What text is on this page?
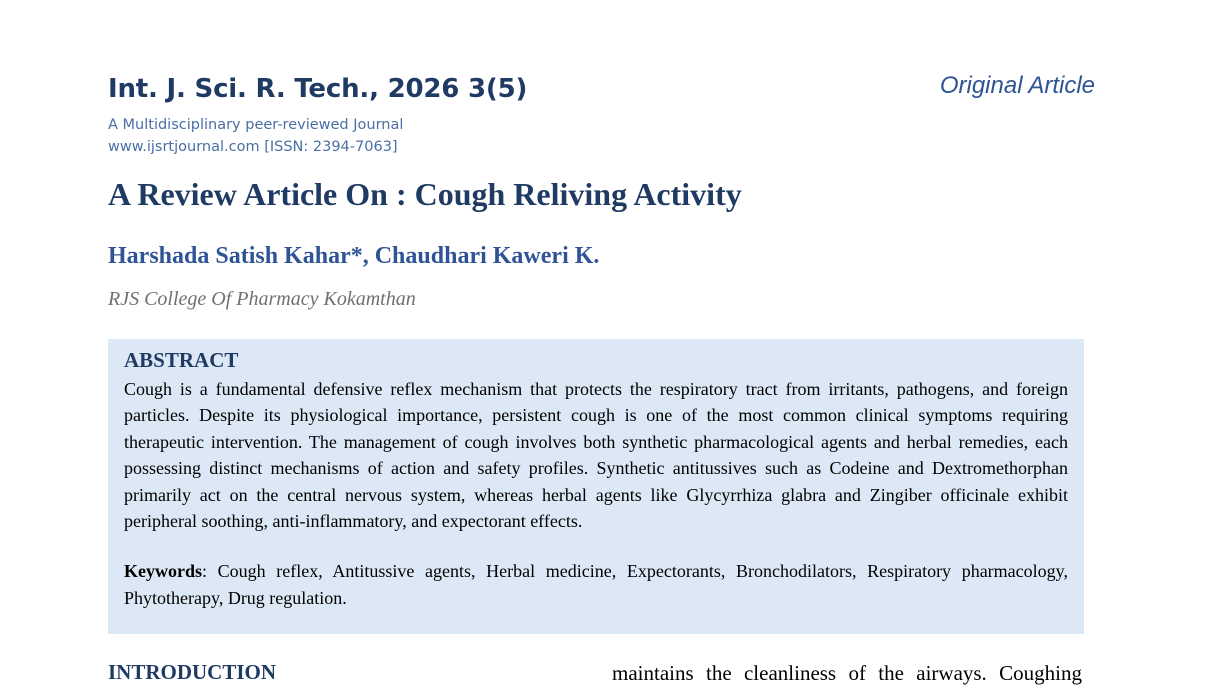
Int. J. Sci. R. Tech., 2026 3(5)
A Multidisciplinary peer-reviewed Journal
www.ijsrtjournal.com [ISSN: 2394-7063]
Original Article
A Review Article On : Cough Reliving Activity
Harshada Satish Kahar*, Chaudhari Kaweri K.
RJS College Of Pharmacy Kokamthan
ABSTRACT

Cough is a fundamental defensive reflex mechanism that protects the respiratory tract from irritants, pathogens, and foreign particles. Despite its physiological importance, persistent cough is one of the most common clinical symptoms requiring therapeutic intervention. The management of cough involves both synthetic pharmacological agents and herbal remedies, each possessing distinct mechanisms of action and safety profiles. Synthetic antitussives such as Codeine and Dextromethorphan primarily act on the central nervous system, whereas herbal agents like Glycyrrhiza glabra and Zingiber officinale exhibit peripheral soothing, anti-inflammatory, and expectorant effects.

Keywords: Cough reflex, Antitussive agents, Herbal medicine, Expectorants, Bronchodilators, Respiratory pharmacology, Phytotherapy, Drug regulation.

INTRODUCTION	maintains the cleanliness of the airways. Coughing
